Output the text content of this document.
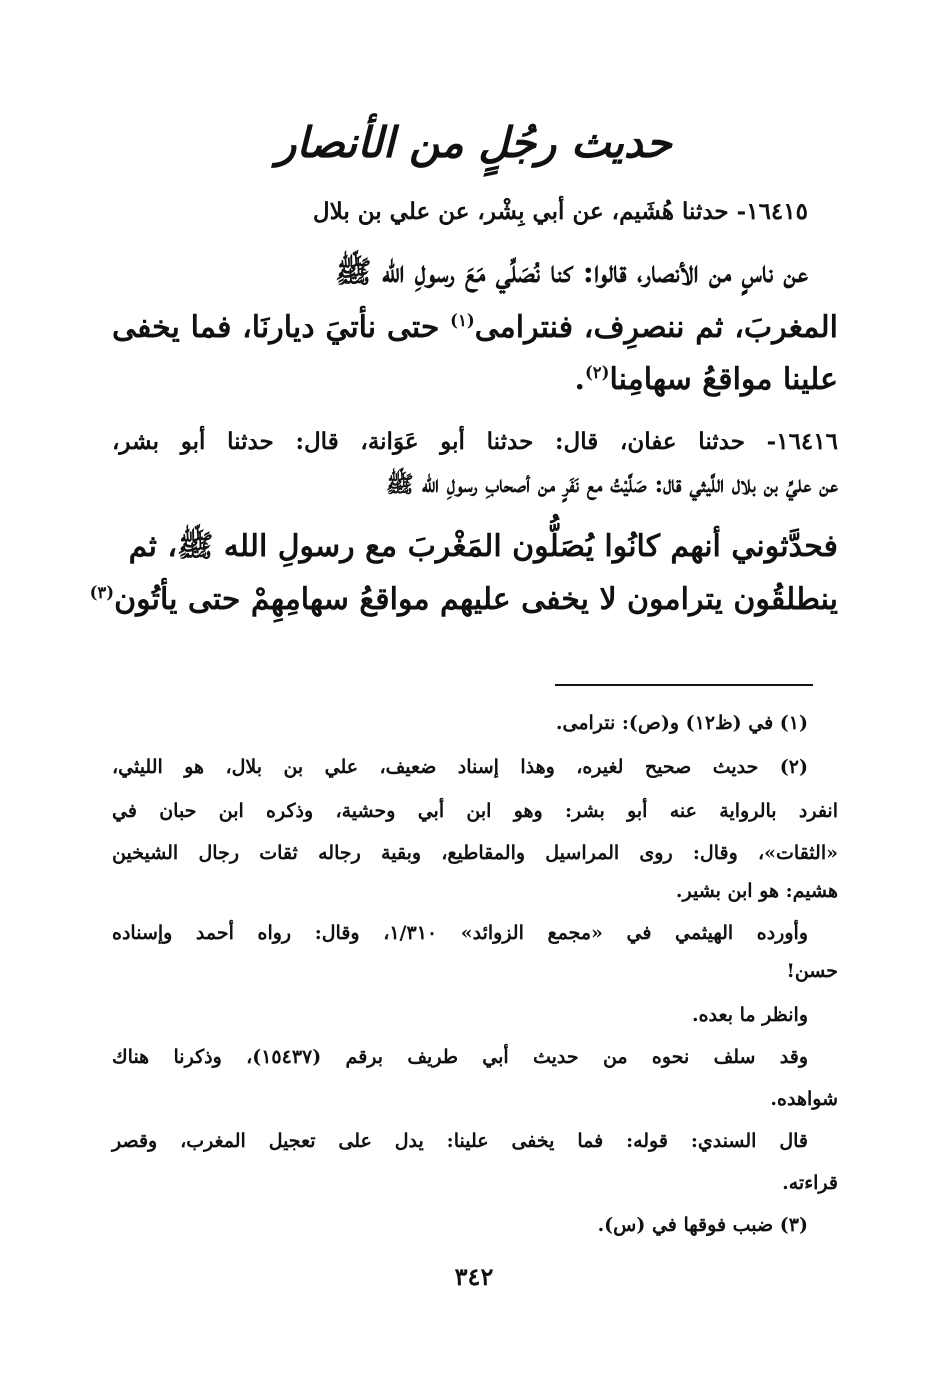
حديث رجُلٍ من الأنصار
١٦٤١٥- حدثنا هُشَيم، عن أبي بِشْر، عن علي بن بلال
عن ناسٍ من الأنصار، قالوا: كنا نُصَلِّي مَعَ رسولِ الله ﷺ
المغربَ، ثم ننصرِف، فنترامى$^{(١)}$ حتى نأتيَ ديارنَا، فما يخفى
علينا مواقعُ سهامِنا$^{(٢)}$.
١٦٤١٦- حدثنا عفان، قال: حدثنا أبو عَوَانة، قال: حدثنا أبو بشر،
عن عليِّ بن بلال اللَّيثي قال: صَلَّيْتُ مع نَفَرٍ من أصحابِ رسولِ الله ﷺ
فحدَّثوني أنهم كانُوا يُصَلُّون المَغْربَ مع رسولِ الله ﷺ، ثم
ينطلقُون يترامون لا يخفى عليهم مواقعُ سهامِهِمْ حتى يأتُون$^{(٣)}$
(١) في (ظ١٢) و(ص): نترامى.
(٢) حديث صحيح لغيره، وهذا إسناد ضعيف، علي بن بلال، هو الليثي،
انفرد بالرواية عنه أبو بشر: وهو ابن أبي وحشية، وذكره ابن حبان في
«الثقات»، وقال: روى المراسيل والمقاطيع، وبقية رجاله ثقات رجال الشيخين
هشيم: هو ابن بشير.
وأورده الهيثمي في «مجمع الزوائد» ١/٣١٠، وقال: رواه أحمد وإسناده
حسن!
وانظر ما بعده.
وقد سلف نحوه من حديث أبي طريف برقم (١٥٤٣٧)، وذكرنا هناك
شواهده.
قال السندي: قوله: فما يخفى علينا: يدل على تعجيل المغرب، وقصر
قراءته.
(٣) ضبب فوقها في (س).
٣٤٢
